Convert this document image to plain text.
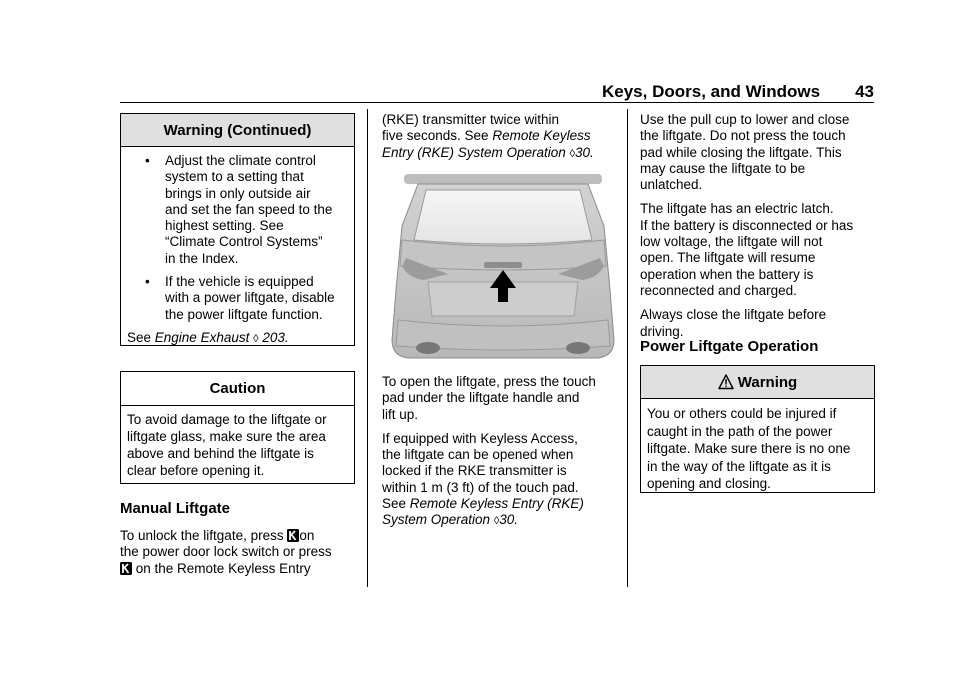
Keys, Doors, and Windows 43
Warning (Continued)
• Adjust the climate control
system to a setting that
brings in only outside air
and set the fan speed to the
highest setting. See
“Climate Control Systems”
in the Index.
• If the vehicle is equipped
with a power liftgate, disable
the power liftgate function.
See Engine Exhaust ◊ 203.
Caution
To avoid damage to the liftgate or
liftgate glass, make sure the area
above and behind the liftgate is
clear before opening it.
Manual Liftgate
To unlock the liftgate, press on
the power door lock switch or press
on the Remote Keyless Entry
(RKE) transmitter twice within
five seconds. See Remote Keyless
Entry (RKE) System Operation ◊30.
To open the liftgate, press the touch
pad under the liftgate handle and
lift up.
If equipped with Keyless Access,
the liftgate can be opened when
locked if the RKE transmitter is
within 1 m (3 ft) of the touch pad.
See Remote Keyless Entry (RKE)
System Operation ◊30.
Use the pull cup to lower and close
the liftgate. Do not press the touch
pad while closing the liftgate. This
may cause the liftgate to be
unlatched.
The liftgate has an electric latch.
If the battery is disconnected or has
low voltage, the liftgate will not
open. The liftgate will resume
operation when the battery is
reconnected and charged.
Always close the liftgate before
driving.
Power Liftgate Operation
Warning
You or others could be injured if
caught in the path of the power
liftgate. Make sure there is no one
in the way of the liftgate as it is
opening and closing.
